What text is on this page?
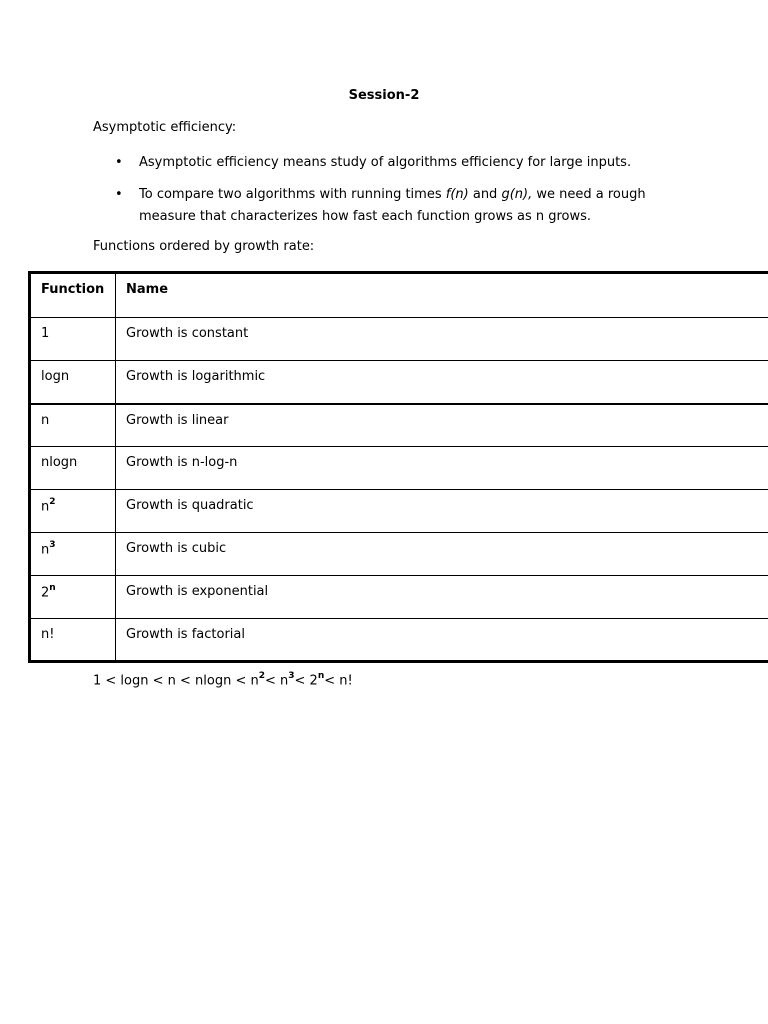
Session-2
Asymptotic efficiency:
• Asymptotic efficiency means study of algorithms efficiency for large inputs.
• To compare two algorithms with running times f(n) and g(n), we need a rough measure that characterizes how fast each function grows as n grows.
Functions ordered by growth rate:
Function	Name
1	Growth is constant
logn	Growth is logarithmic
n	Growth is linear
nlogn	Growth is n-log-n
$n^2$	Growth is quadratic
$n^3$	Growth is cubic
2$^n$	Growth is exponential
n!	Growth is factorial
$1 < \log n < n < nlogn < n^2< n^3< 2^n< n$!
